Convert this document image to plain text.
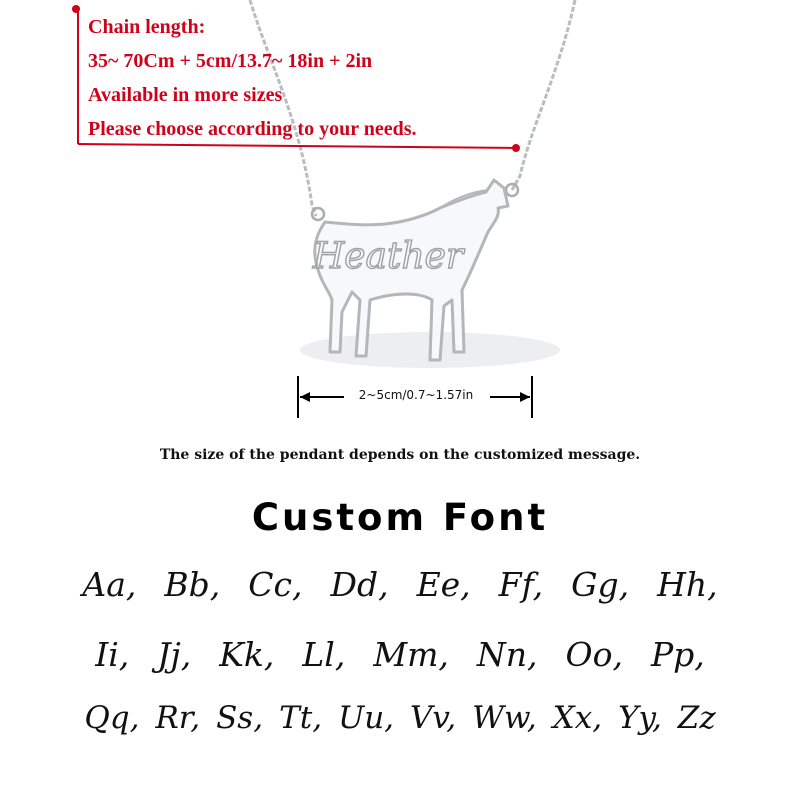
Heather
Chain length:
35~ 70Cm + 5cm/13.7~ 18in + 2in
Available in more sizes
Please choose according to your needs.
2~5cm/0.7~1.57in
The size of the pendant depends on the customized message.
Custom Font
Aa, Bb, Cc, Dd, Ee, Ff, Gg, Hh,
Ii, Jj, Kk, Ll, Mm, Nn, Oo, Pp,
Qq, Rr, Ss, Tt, Uu, Vv, Ww, Xx, Yy, Zz
